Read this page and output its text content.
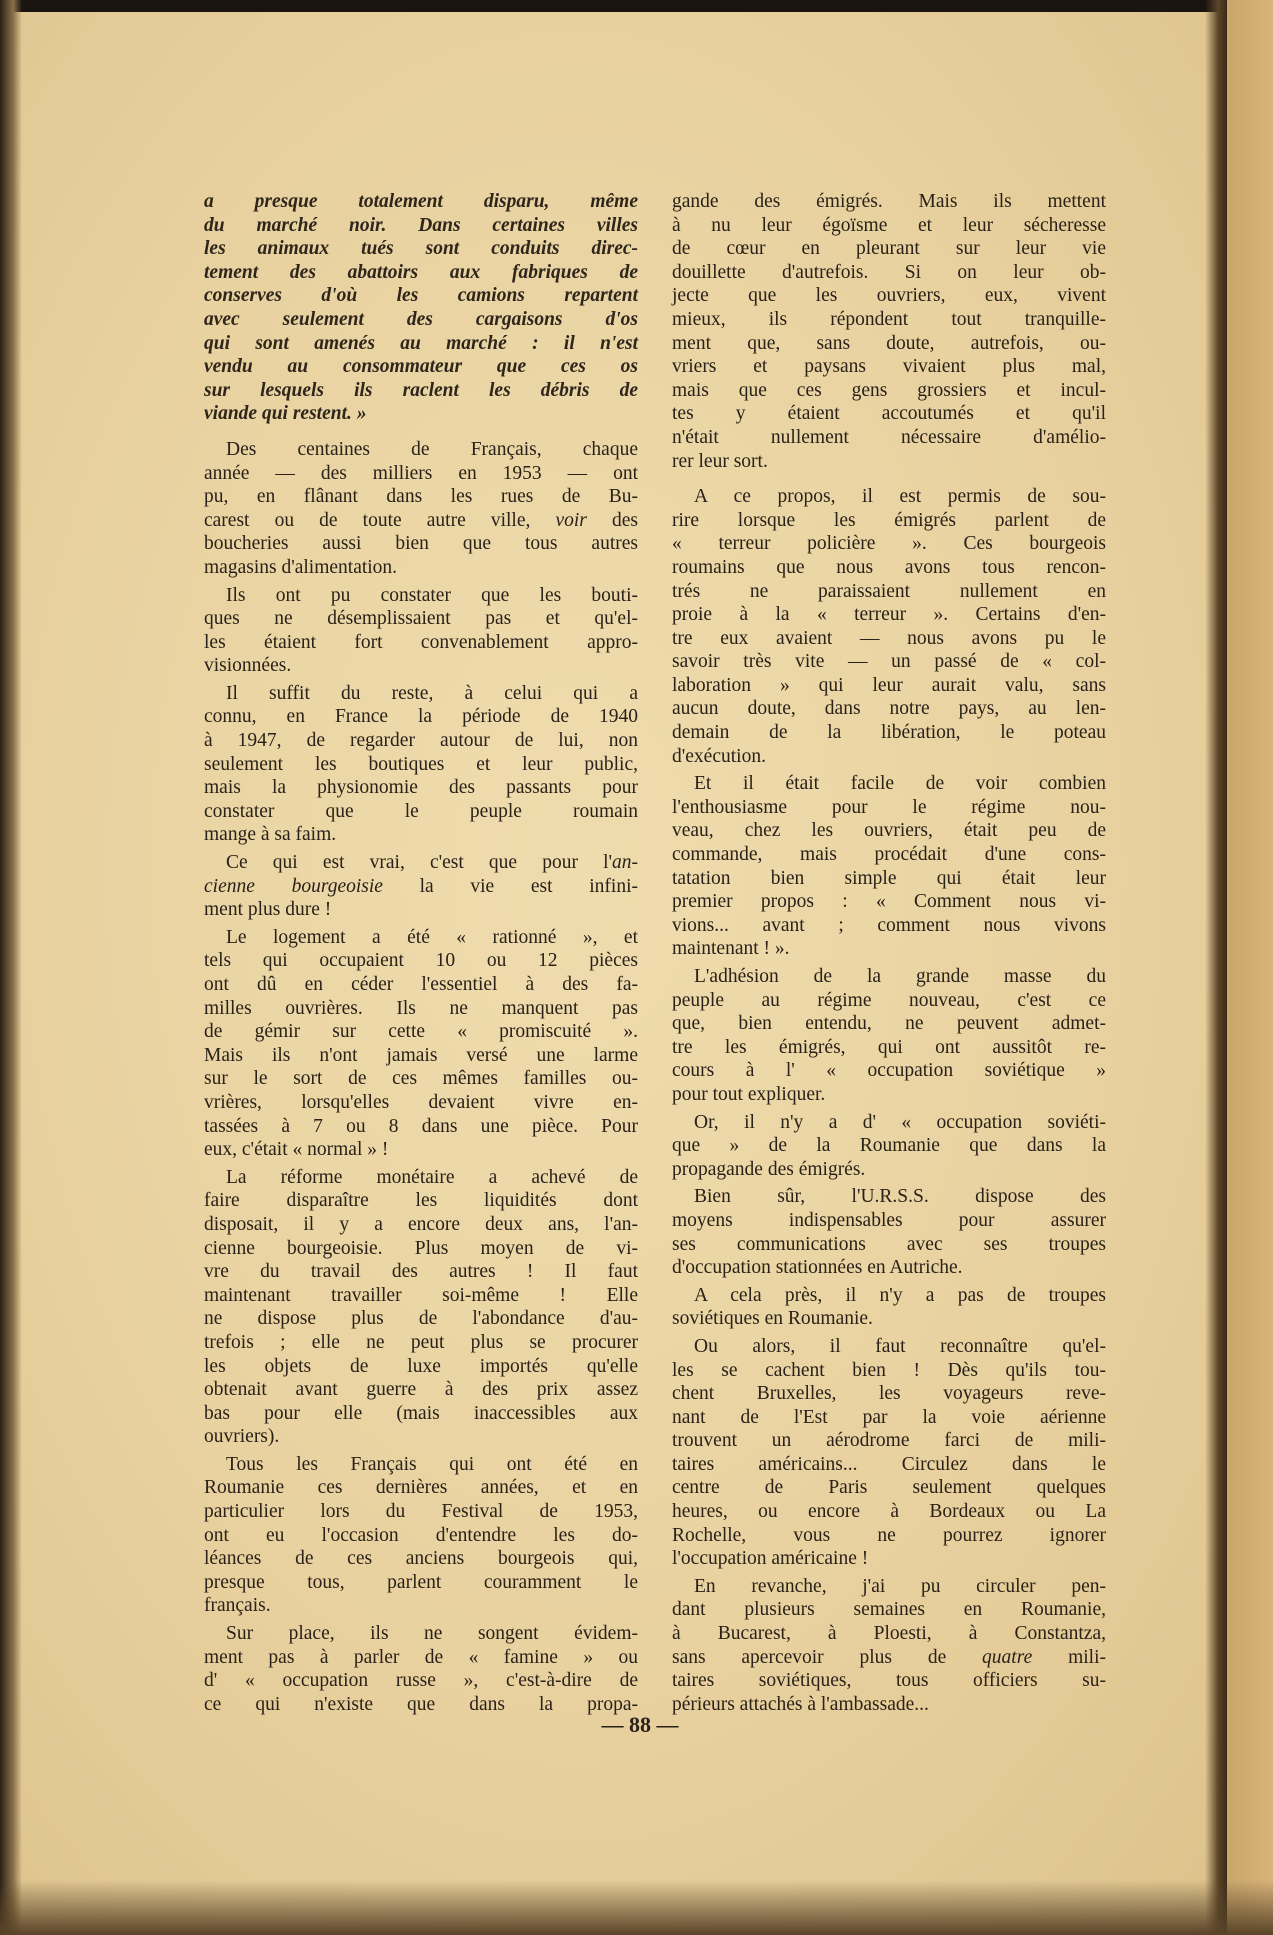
a presque totalement disparu, même
du marché noir. Dans certaines villes
les animaux tués sont conduits direc-
tement des abattoirs aux fabriques de
conserves d'où les camions repartent
avec seulement des cargaisons d'os
qui sont amenés au marché : il n'est
vendu au consommateur que ces os
sur lesquels ils raclent les débris de
viande qui restent. »
Des centaines de Français, chaque
année — des milliers en 1953 — ont
pu, en flânant dans les rues de Bu-
carest ou de toute autre ville, voir des
boucheries aussi bien que tous autres
magasins d'alimentation.
Ils ont pu constater que les bouti-
ques ne désemplissaient pas et qu'el-
les étaient fort convenablement appro-
visionnées.
Il suffit du reste, à celui qui a
connu, en France la période de 1940
à 1947, de regarder autour de lui, non
seulement les boutiques et leur public,
mais la physionomie des passants pour
constater que le peuple roumain
mange à sa faim.
Ce qui est vrai, c'est que pour l'an-
cienne bourgeoisie la vie est infini-
ment plus dure !
Le logement a été « rationné », et
tels qui occupaient 10 ou 12 pièces
ont dû en céder l'essentiel à des fa-
milles ouvrières. Ils ne manquent pas
de gémir sur cette « promiscuité ».
Mais ils n'ont jamais versé une larme
sur le sort de ces mêmes familles ou-
vrières, lorsqu'elles devaient vivre en-
tassées à 7 ou 8 dans une pièce. Pour
eux, c'était « normal » !
La réforme monétaire a achevé de
faire disparaître les liquidités dont
disposait, il y a encore deux ans, l'an-
cienne bourgeoisie. Plus moyen de vi-
vre du travail des autres ! Il faut
maintenant travailler soi-même ! Elle
ne dispose plus de l'abondance d'au-
trefois ; elle ne peut plus se procurer
les objets de luxe importés qu'elle
obtenait avant guerre à des prix assez
bas pour elle (mais inaccessibles aux
ouvriers).
Tous les Français qui ont été en
Roumanie ces dernières années, et en
particulier lors du Festival de 1953,
ont eu l'occasion d'entendre les do-
léances de ces anciens bourgeois qui,
presque tous, parlent couramment le
français.
Sur place, ils ne songent évidem-
ment pas à parler de « famine » ou
d' « occupation russe », c'est-à-dire de
ce qui n'existe que dans la propa-
gande des émigrés. Mais ils mettent
à nu leur égoïsme et leur sécheresse
de cœur en pleurant sur leur vie
douillette d'autrefois. Si on leur ob-
jecte que les ouvriers, eux, vivent
mieux, ils répondent tout tranquille-
ment que, sans doute, autrefois, ou-
vriers et paysans vivaient plus mal,
mais que ces gens grossiers et incul-
tes y étaient accoutumés et qu'il
n'était nullement nécessaire d'amélio-
rer leur sort.
A ce propos, il est permis de sou-
rire lorsque les émigrés parlent de
« terreur policière ». Ces bourgeois
roumains que nous avons tous rencon-
trés ne paraissaient nullement en
proie à la « terreur ». Certains d'en-
tre eux avaient — nous avons pu le
savoir très vite — un passé de « col-
laboration » qui leur aurait valu, sans
aucun doute, dans notre pays, au len-
demain de la libération, le poteau
d'exécution.
Et il était facile de voir combien
l'enthousiasme pour le régime nou-
veau, chez les ouvriers, était peu de
commande, mais procédait d'une cons-
tatation bien simple qui était leur
premier propos : « Comment nous vi-
vions... avant ; comment nous vivons
maintenant ! ».
L'adhésion de la grande masse du
peuple au régime nouveau, c'est ce
que, bien entendu, ne peuvent admet-
tre les émigrés, qui ont aussitôt re-
cours à l' « occupation soviétique »
pour tout expliquer.
Or, il n'y a d' « occupation soviéti-
que » de la Roumanie que dans la
propagande des émigrés.
Bien sûr, l'U.R.S.S. dispose des
moyens indispensables pour assurer
ses communications avec ses troupes
d'occupation stationnées en Autriche.
A cela près, il n'y a pas de troupes
soviétiques en Roumanie.
Ou alors, il faut reconnaître qu'el-
les se cachent bien ! Dès qu'ils tou-
chent Bruxelles, les voyageurs reve-
nant de l'Est par la voie aérienne
trouvent un aérodrome farci de mili-
taires américains... Circulez dans le
centre de Paris seulement quelques
heures, ou encore à Bordeaux ou La
Rochelle, vous ne pourrez ignorer
l'occupation américaine !
En revanche, j'ai pu circuler pen-
dant plusieurs semaines en Roumanie,
à Bucarest, à Ploesti, à Constantza,
sans apercevoir plus de quatre mili-
taires soviétiques, tous officiers su-
périeurs attachés à l'ambassade...
— 88 —
